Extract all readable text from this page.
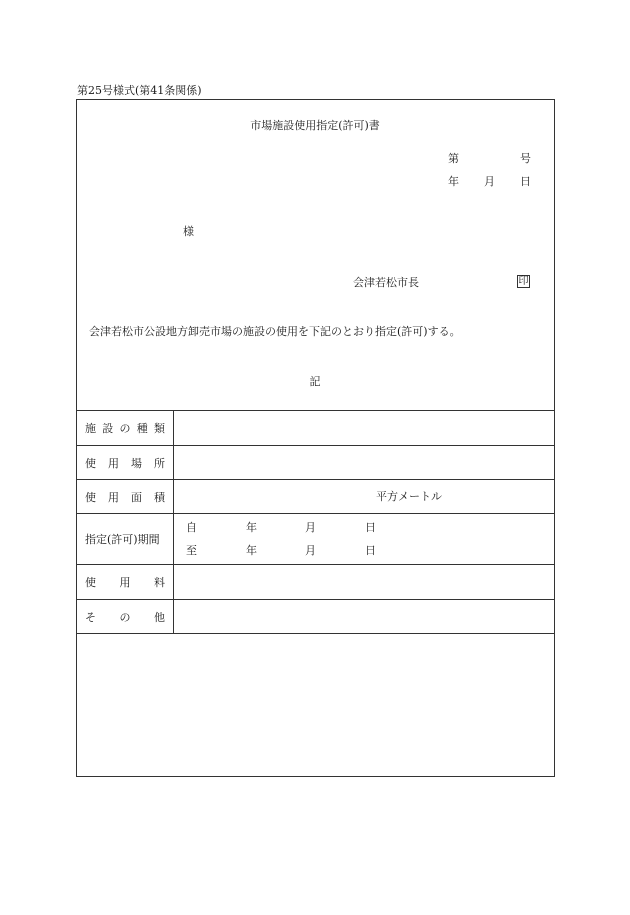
第25号様式(第41条関係)
市場施設使用指定(許可)書
第	号
年 月 日
様
会津若松市長	印
会津若松市公設地方卸売市場の施設の使用を下記のとおり指定(許可)する。
記
施 設 の 種 類
使 用 場 所
使 用 面 積	平方メートル
指定(許可)期間
自	年	月	日
至	年	月	日
使 用 料
そ の 他
